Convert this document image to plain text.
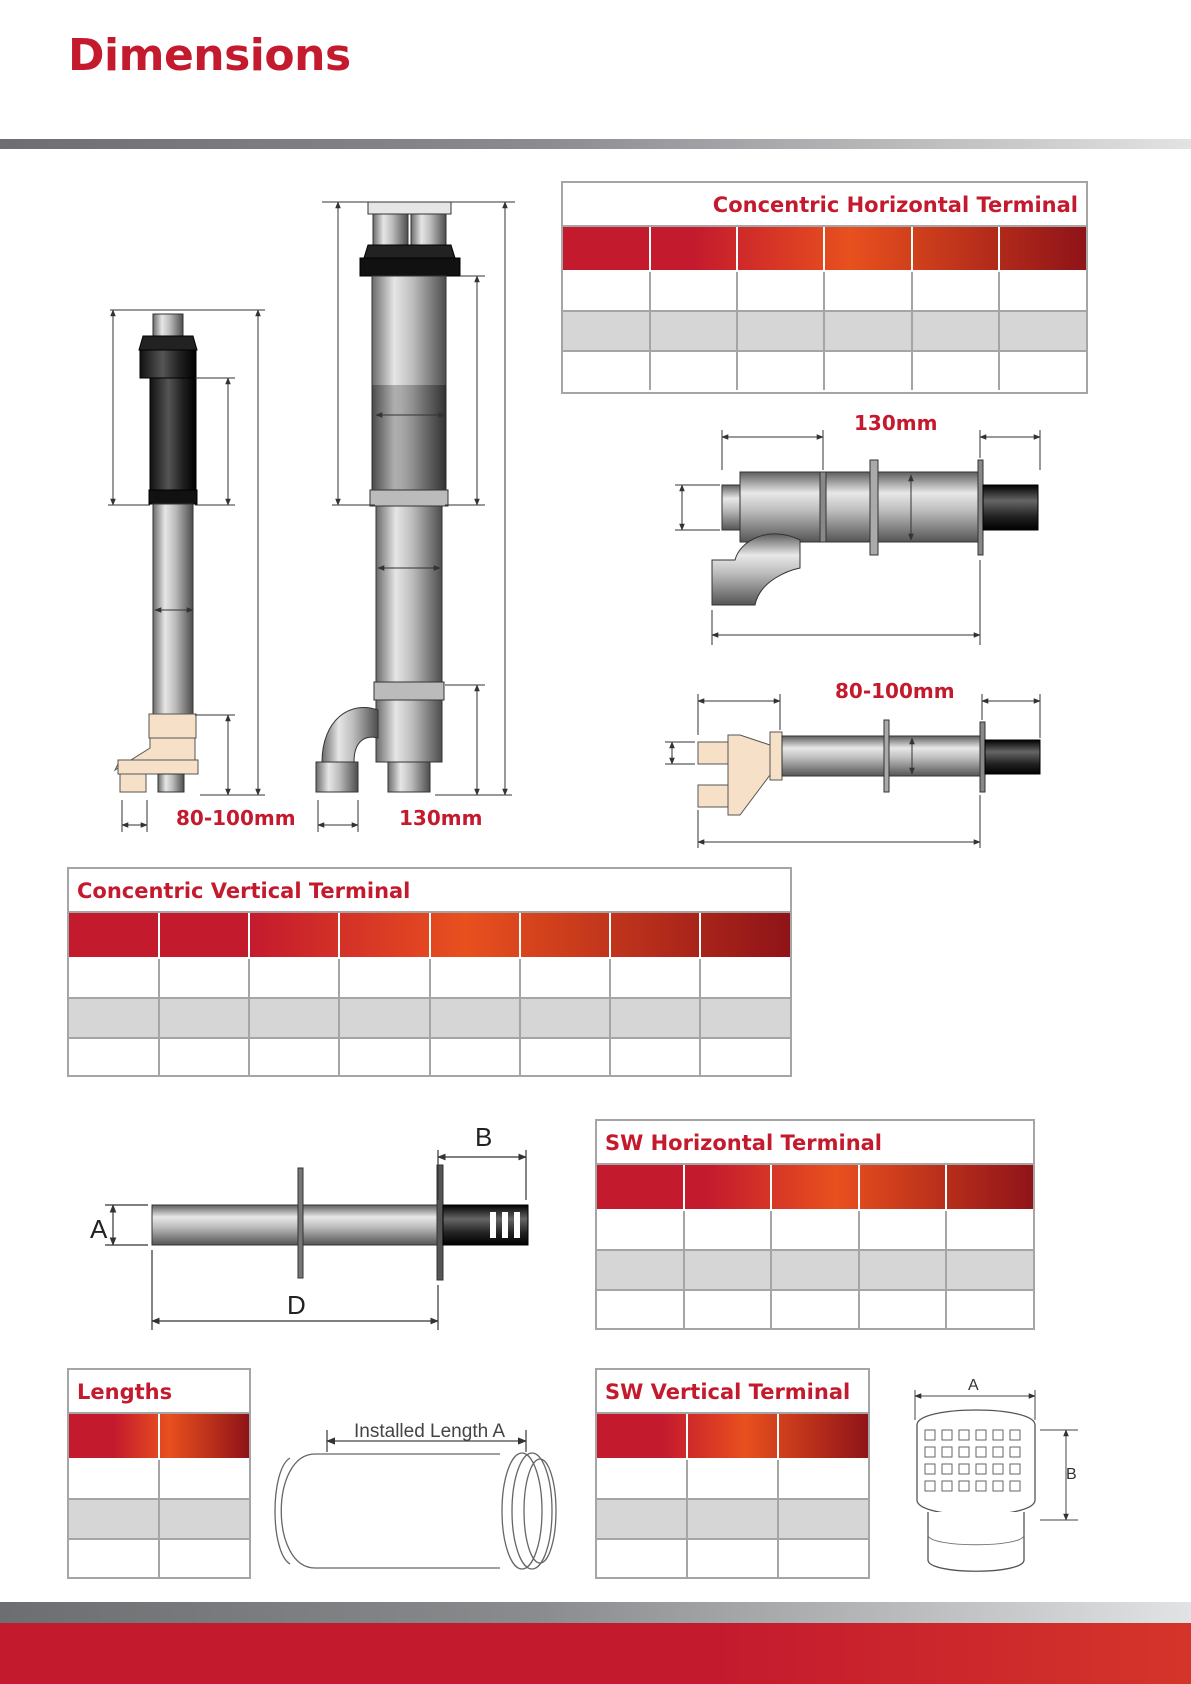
Dimensions
Concentric Horizontal Terminal

Concentric Vertical Terminal

SW Horizontal Terminal

Lengths

		SW Vertical Terminal

A
B
D
Installed Length A
A
B
80-100mm	130mm
130mm
80-100mm
